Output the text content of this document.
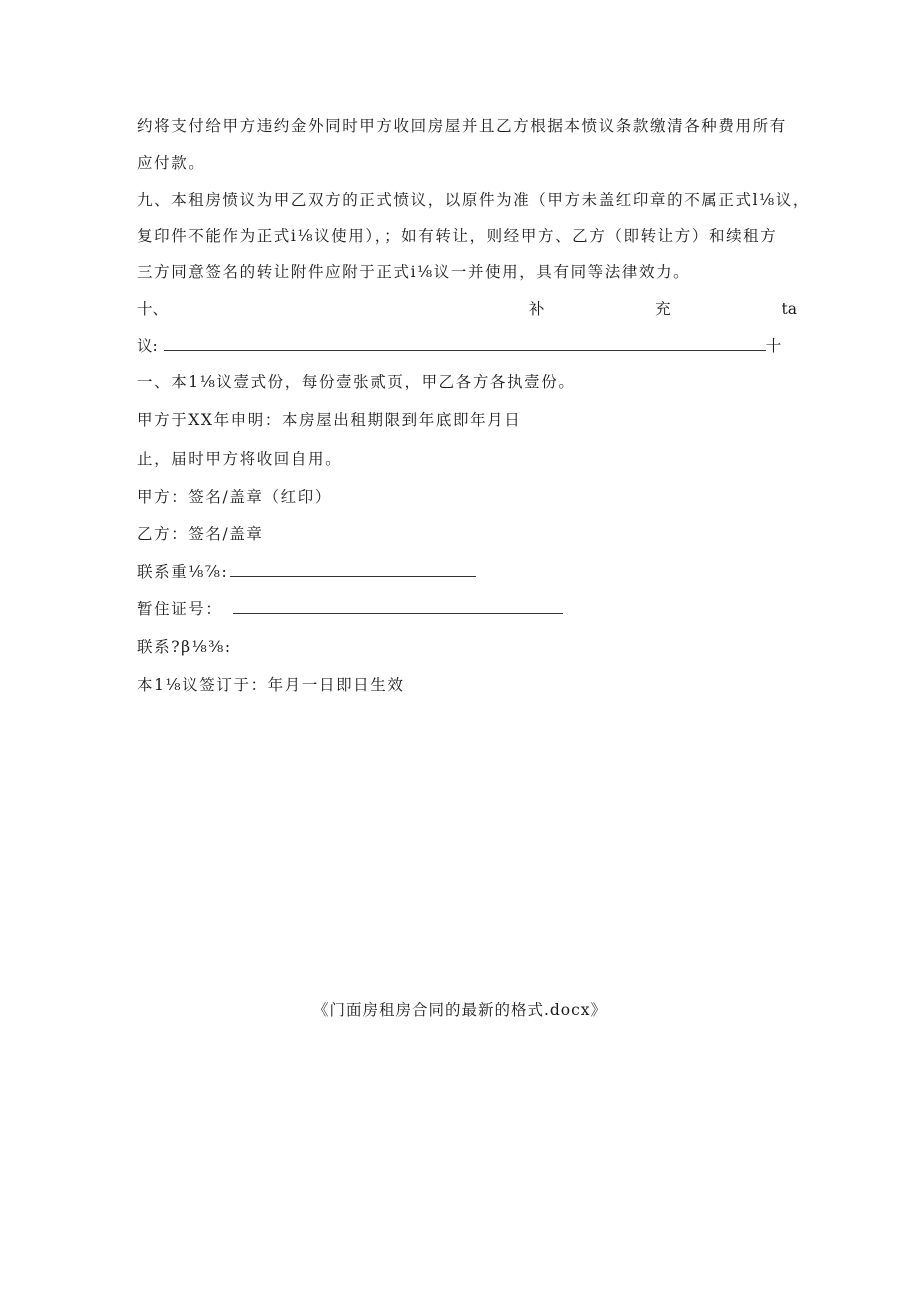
约将支付给甲方违约金外同时甲方收回房屋并且乙方根据本愤议条款缴清各种费用所有
应付款。
九、本租房愤议为甲乙双方的正式愤议，以原件为准（甲方未盖红印章的不属正式l⅛议，
复印件不能作为正式i⅛议使用），；如有转让，则经甲方、乙方（即转让方）和续租方
三方同意签名的转让附件应附于正式i⅛议一并使用，具有同等法律效力。
十、	补	充	ta
议:	十
一、本1⅛议壹式份，每份壹张贰页，甲乙各方各执壹份。
甲方于XX年申明：本房屋出租期限到年底即年月日
止，届时甲方将收回自用。
甲方：签名/盖章（红印）
乙方：签名/盖章
联系重⅛⅞:
暂住证号：
联系?β⅛⅜:
本1⅛议签订于：年月一日即日生效
《门面房租房合同的最新的格式.docx》
